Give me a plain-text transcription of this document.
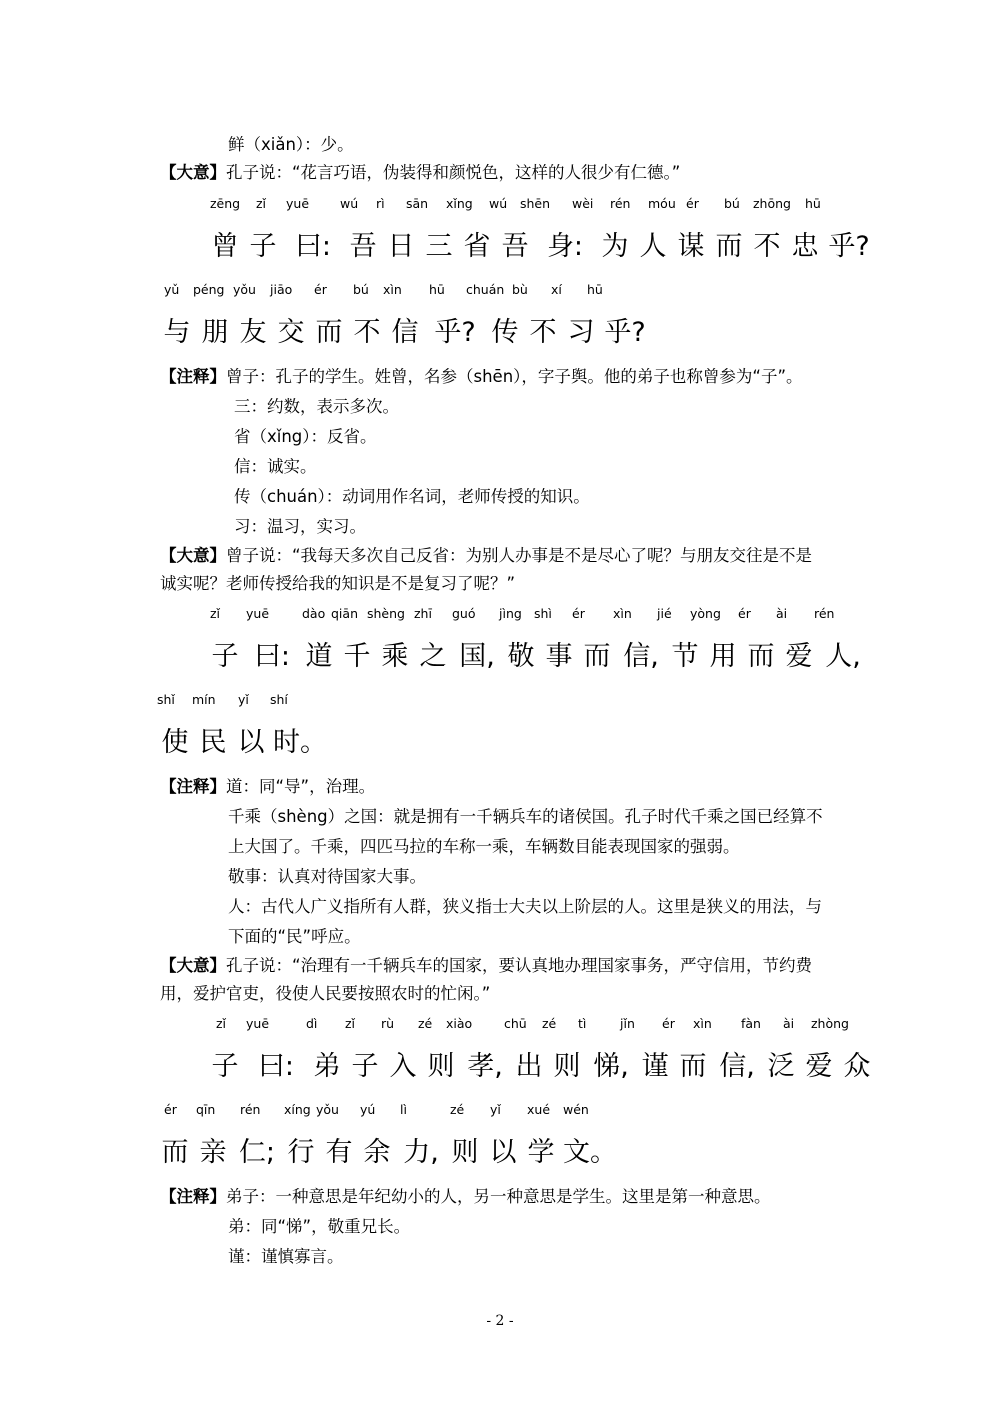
鲜（xiǎn）：少。
【大意】孔子说：“花言巧语，伪装得和颜悦色，这样的人很少有仁德。”
zēng zǐ yuē wú rì sān xǐng wú shēn wèi rén móu ér bú zhōng hū
曾 子 曰: 吾 日 三 省 吾 身: 为 人 谋 而 不 忠 乎?
yǔ péng yǒu jiāo ér bú xìn hū chuán bù xí hū
与 朋 友 交 而 不 信 乎? 传 不 习 乎?
【注释】曾子：孔子的学生。姓曾，名参（shēn），字子舆。他的弟子也称曾参为“子”。
三：约数，表示多次。
省（xǐng）：反省。
信：诚实。
传（chuán）：动词用作名词，老师传授的知识。
习：温习，实习。
【大意】曾子说：“我每天多次自己反省：为别人办事是不是尽心了呢？与朋友交往是不是
诚实呢？老师传授给我的知识是不是复习了呢？”
zǐ yuē	dào qiān shèng zhī guó jìng shì ér xìn jié yòng ér ài rén
子 曰: 道 千 乘 之 国, 敬 事 而 信, 节 用 而 爱 人,
shǐ mín yǐ shí
使 民 以 时。
【注释】道：同“导”，治理。
千乘（shèng）之国：就是拥有一千辆兵车的诸侯国。孔子时代千乘之国已经算不
上大国了。千乘，四匹马拉的车称一乘，车辆数目能表现国家的强弱。
敬事：认真对待国家大事。
人：古代人广义指所有人群，狭义指士大夫以上阶层的人。这里是狭义的用法，与
下面的“民”呼应。
【大意】孔子说：“治理有一千辆兵车的国家，要认真地办理国家事务，严守信用，节约费
用，爱护官吏，役使人民要按照农时的忙闲。”
zǐ yuē	dì zǐ rù zé xiào	chū zé tì	jǐn ér xìn fàn ài zhòng
子 曰: 弟 子 入 则 孝, 出 则 悌, 谨 而 信, 泛 爱 众
ér qīn rén xíng yǒu yú lì	zé yǐ xué wén
而 亲 仁; 行 有 余 力, 则 以 学 文。
【注释】弟子：一种意思是年纪幼小的人，另一种意思是学生。这里是第一种意思。
弟：同“悌”，敬重兄长。
谨：谨慎寡言。
- 2 -
